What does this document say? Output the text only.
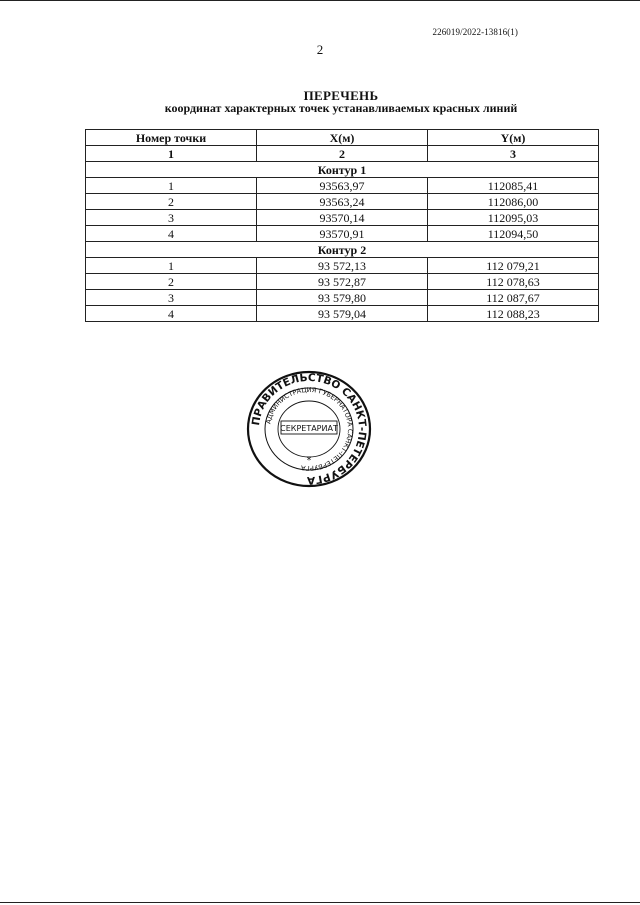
226019/2022-13816(1)
2
ПЕРЕЧЕНЬ
координат характерных точек устанавливаемых красных линий
Номер точки	X(м)	Y(м)
1	2	3
Контур 1		
1	93563,97	112085,41
2	93563,24	112086,00
3	93570,14	112095,03
4	93570,91	112094,50
Контур 2		
1	93 572,13	112 079,21
2	93 572,87	112 078,63
3	93 579,80	112 087,67
4	93 579,04	112 088,23
ПРАВИТЕЛЬСТВО САНКТ-ПЕТЕРБУРГА
АДМИНИСТРАЦИЯ ГУБЕРНАТОРА САНКТ-ПЕТЕРБУРГА
СЕКРЕТАРИАТ
*
